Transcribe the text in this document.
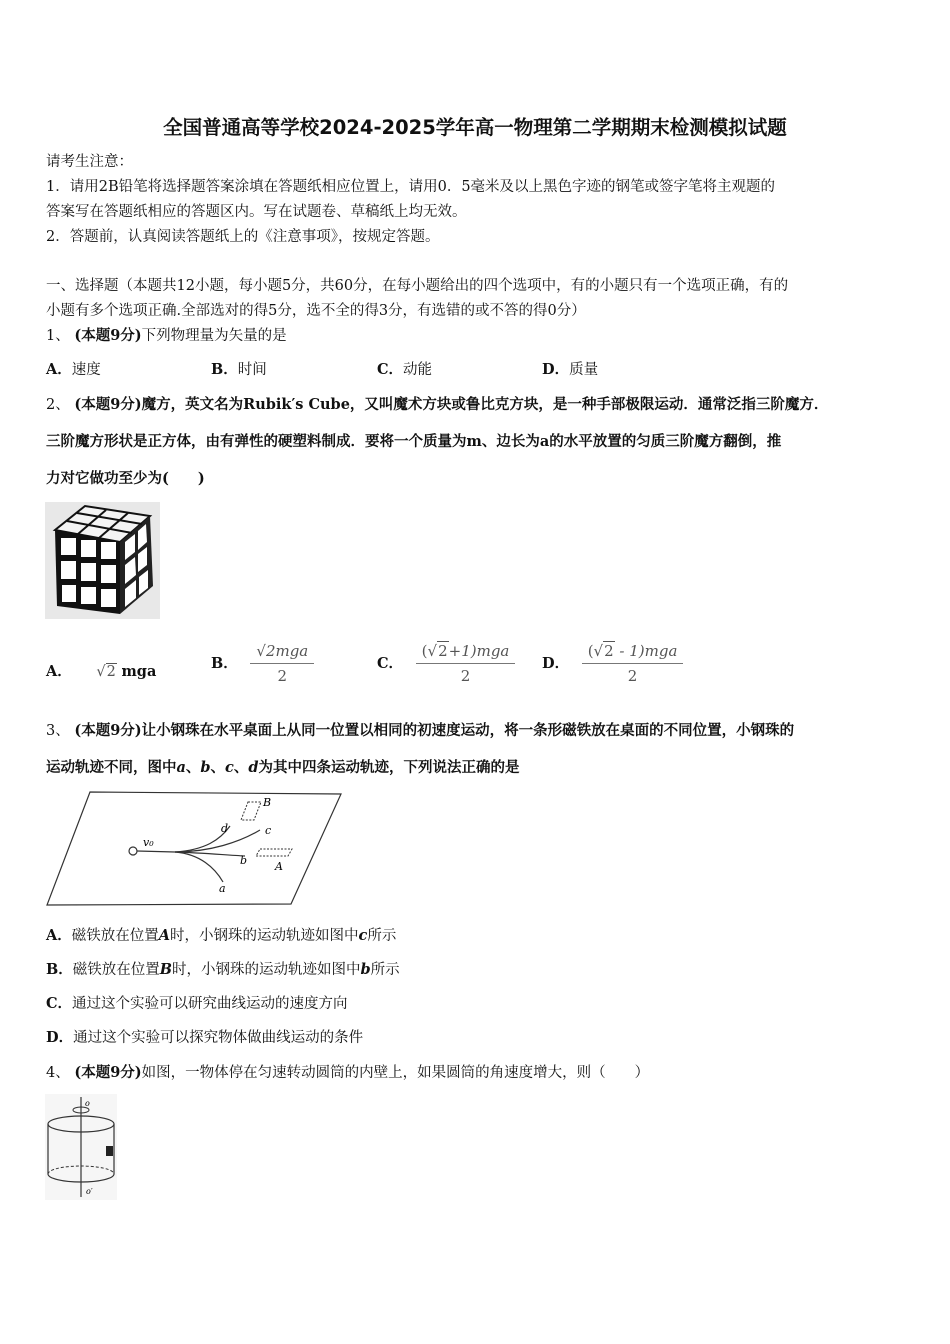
全国普通高等学校2024-2025学年高一物理第二学期期末检测模拟试题
请考生注意：
1．请用2B铅笔将选择题答案涂填在答题纸相应位置上，请用0．5毫米及以上黑色字迹的钢笔或签字笔将主观题的
答案写在答题纸相应的答题区内。写在试题卷、草稿纸上均无效。
2．答题前，认真阅读答题纸上的《注意事项》，按规定答题。
一、选择题（本题共12小题，每小题5分，共60分，在每小题给出的四个选项中，有的小题只有一个选项正确，有的
小题有多个选项正确.全部选对的得5分，选不全的得3分，有选错的或不答的得0分）
1、 (本题9分)下列物理量为矢量的是
A．速度	B．时间	C．动能	D．质量
2、 (本题9分)魔方，英文名为Rubik′s Cube，又叫魔术方块或鲁比克方块，是一种手部极限运动．通常泛指三阶魔方．
三阶魔方形状是正方体，由有弹性的硬塑料制成．要将一个质量为m、边长为a的水平放置的匀质三阶魔方翻倒，推
力对它做功至少为(　　)
A． √2 mga	B． $\frac{\text{√2mga}}{2}$	C． $\frac{\text{(√2+1)mga}}{2}$ D． $\frac{\text{(√2 - 1)mga}}{2}$
3、 (本题9分)让小钢珠在水平桌面上从同一位置以相同的初速度运动，将一条形磁铁放在桌面的不同位置，小钢珠的
运动轨迹不同，图中a、b、c、d为其中四条运动轨迹，下列说法正确的是
v₀
d	c
b
a
B
A
A．磁铁放在位置A时，小钢珠的运动轨迹如图中c所示
B．磁铁放在位置B时，小钢珠的运动轨迹如图中b所示
C．通过这个实验可以研究曲线运动的速度方向
D．通过这个实验可以探究物体做曲线运动的条件
4、 (本题9分)如图，一物体停在匀速转动圆筒的内壁上，如果圆筒的角速度增大，则（　　）
o
o′
